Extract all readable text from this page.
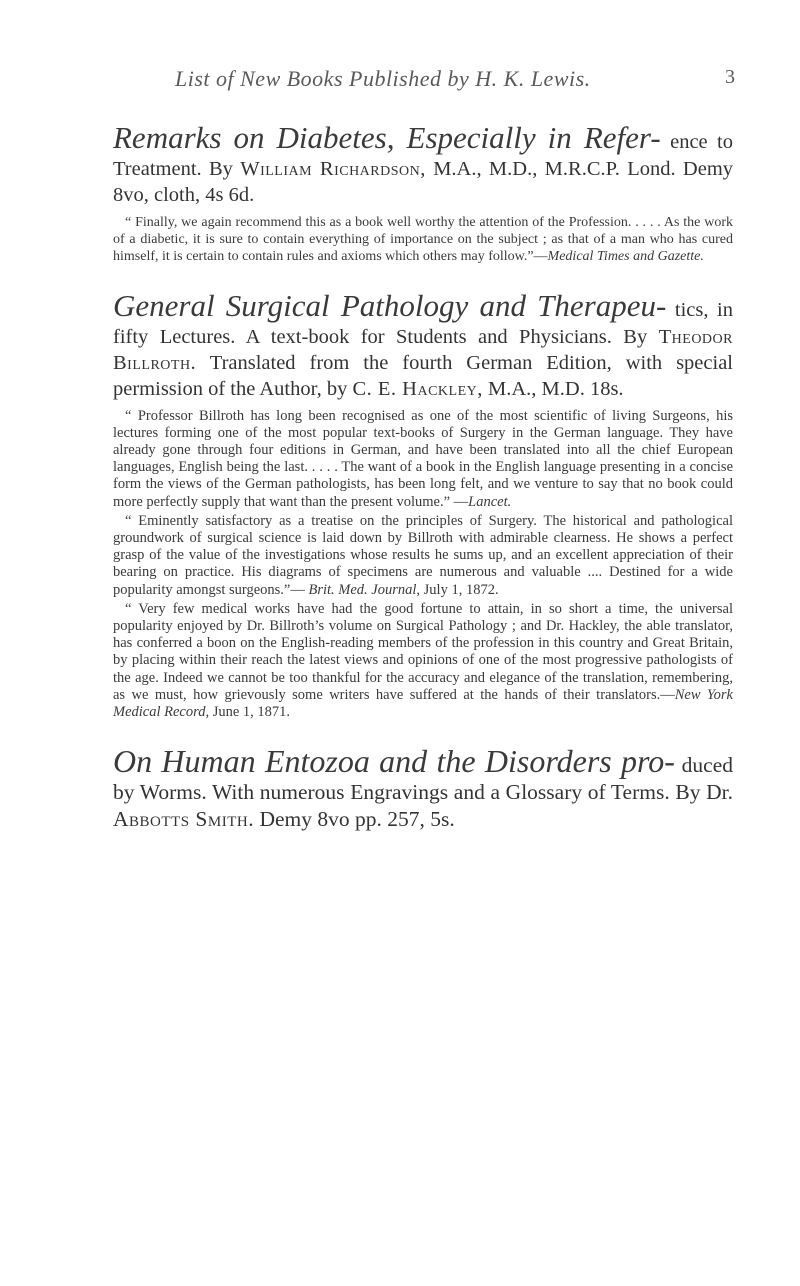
List of New Books Published by H. K. Lewis.	3

Remarks on Diabetes, Especially in Refer- ence to Treatment. By William Richardson, M.A., M.D., M.R.C.P. Lond. Demy 8vo, cloth, 4s 6d.

“ Finally, we again recommend this as a book well worthy the attention of the Profession. . . . . As the work of a diabetic, it is sure to contain everything of importance on the subject ; as that of a man who has cured himself, it is certain to contain rules and axioms which others may follow.”—Medical Times and Gazette.

General Surgical Pathology and Therapeu- tics, in fifty Lectures. A text-book for Students and Physicians. By Theodor Billroth. Translated from the fourth German Edition, with special permission of the Author, by C. E. Hackley, M.A., M.D. 18s.

“ Professor Billroth has long been recognised as one of the most scientific of living Surgeons, his lectures forming one of the most popular text-books of Surgery in the German language. They have already gone through four editions in German, and have been translated into all the chief European languages, English being the last. . . . . The want of a book in the English language presenting in a concise form the views of the German pathologists, has been long felt, and we venture to say that no book could more perfectly supply that want than the present volume.” —Lancet.

“ Eminently satisfactory as a treatise on the principles of Surgery. The historical and pathological groundwork of surgical science is laid down by Billroth with admirable clearness. He shows a perfect grasp of the value of the investigations whose results he sums up, and an excellent appreciation of their bearing on practice. His diagrams of specimens are numerous and valuable .... Destined for a wide popularity amongst surgeons.”— Brit. Med. Journal, July 1, 1872.

“ Very few medical works have had the good fortune to attain, in so short a time, the universal popularity enjoyed by Dr. Billroth’s volume on Surgical Pathology ; and Dr. Hackley, the able translator, has conferred a boon on the English-reading members of the profession in this country and Great Britain, by placing within their reach the latest views and opinions of one of the most progressive pathologists of the age. Indeed we cannot be too thankful for the accuracy and elegance of the translation, remembering, as we must, how grievously some writers have suffered at the hands of their translators.—New York Medical Record, June 1, 1871.

On Human Entozoa and the Disorders pro- duced by Worms. With numerous Engravings and a Glossary of Terms. By Dr. Abbotts Smith. Demy 8vo pp. 257, 5s.
